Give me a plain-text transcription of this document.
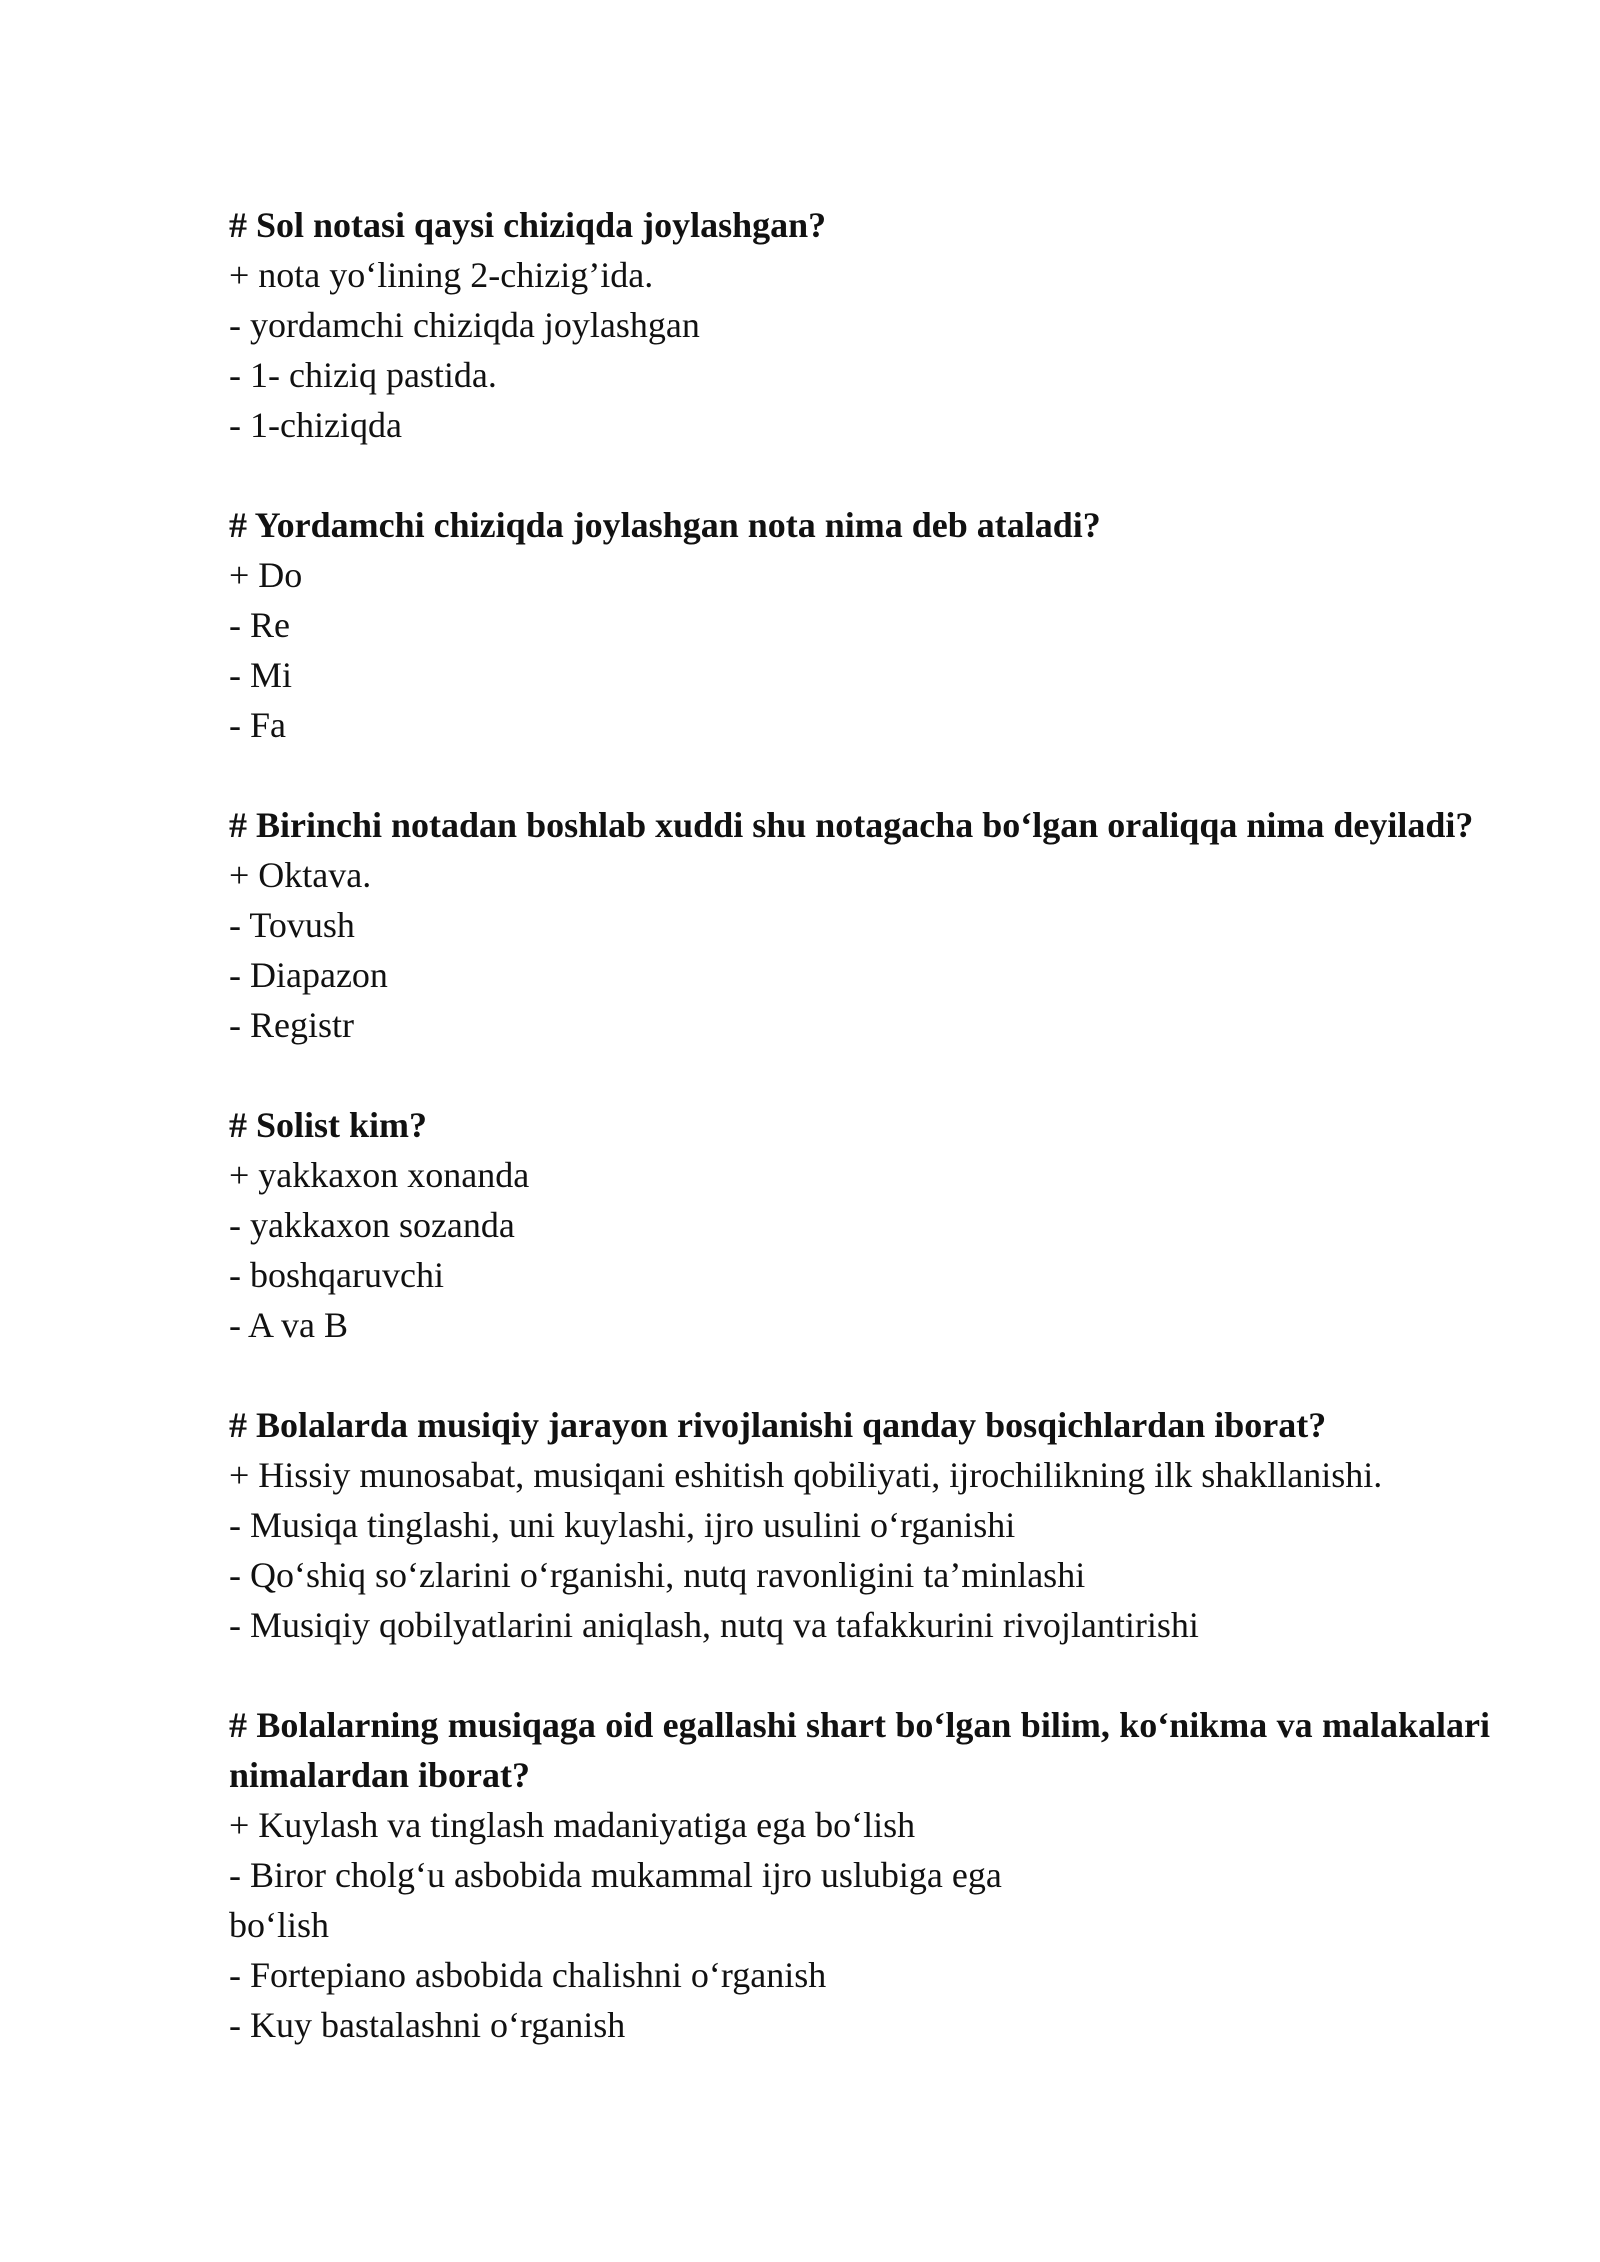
# Sol notasi qaysi chiziqda joylashgan?

+ nota yo‘lining 2-chizig’ida.

- yordamchi chiziqda joylashgan

- 1- chiziq pastida.

- 1-chiziqda

# Yordamchi chiziqda joylashgan nota nima deb ataladi?

+ Do

- Re

- Mi

- Fa

# Birinchi notadan boshlab xuddi shu notagacha bo‘lgan oraliqqa nima deyiladi?

+ Oktava.

- Tovush

- Diapazon

- Registr

# Solist kim?

+ yakkaxon xonanda

- yakkaxon sozanda

- boshqaruvchi

- A va B

# Bolalarda musiqiy jarayon rivojlanishi qanday bosqichlardan iborat?

+ Hissiy munosabat, musiqani eshitish qobiliyati, ijrochilikning ilk shakllanishi.

- Musiqa tinglashi, uni kuylashi, ijro usulini o‘rganishi

- Qo‘shiq so‘zlarini o‘rganishi, nutq ravonligini ta’minlashi

- Musiqiy qobilyatlarini aniqlash, nutq va tafakkurini rivojlantirishi

# Bolalarning musiqaga oid egallashi shart bo‘lgan bilim, ko‘nikma va malakalari nimalardan iborat?

+ Kuylash va tinglash madaniyatiga ega bo‘lish

- Biror cholg‘u asbobida mukammal ijro uslubiga ega

bo‘lish

- Fortepiano asbobida chalishni o‘rganish

- Kuy bastalashni o‘rganish
